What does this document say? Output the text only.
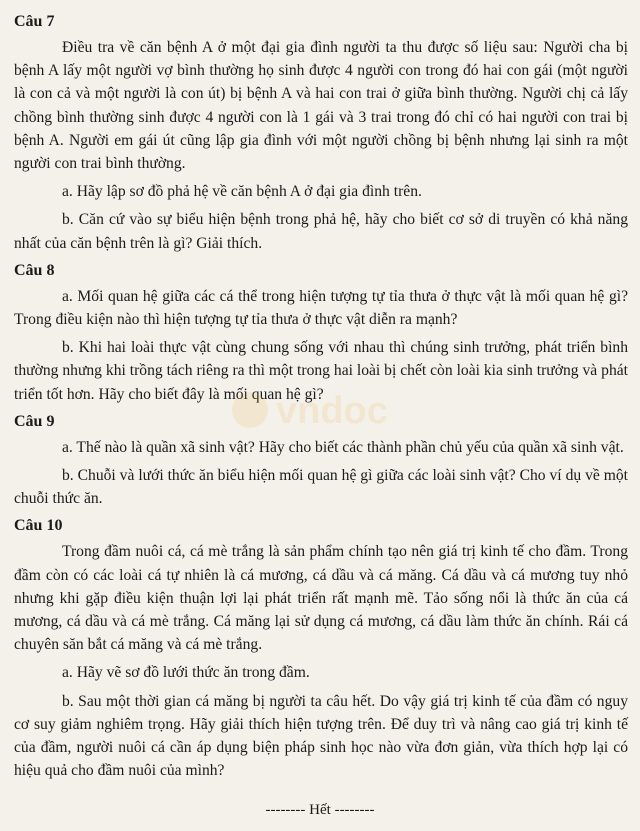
vndoc
Câu 7

Điều tra về căn bệnh A ở một đại gia đình người ta thu được số liệu sau: Người cha bị bệnh A lấy một người vợ bình thường họ sinh được 4 người con trong đó hai con gái (một người là con cả và một người là con út) bị bệnh A và hai con trai ở giữa bình thường. Người chị cả lấy chồng bình thường sinh được 4 người con là 1 gái và 3 trai trong đó chỉ có hai người con trai bị bệnh A. Người em gái út cũng lập gia đình với một người chồng bị bệnh nhưng lại sinh ra một người con trai bình thường.

a. Hãy lập sơ đồ phả hệ về căn bệnh A ở đại gia đình trên.

b. Căn cứ vào sự biểu hiện bệnh trong phả hệ, hãy cho biết cơ sở di truyền có khả năng nhất của căn bệnh trên là gì? Giải thích.

Câu 8

a. Mối quan hệ giữa các cá thể trong hiện tượng tự tỉa thưa ở thực vật là mối quan hệ gì? Trong điều kiện nào thì hiện tượng tự tỉa thưa ở thực vật diễn ra mạnh?

b. Khi hai loài thực vật cùng chung sống với nhau thì chúng sinh trưởng, phát triển bình thường nhưng khi trồng tách riêng ra thì một trong hai loài bị chết còn loài kia sinh trưởng và phát triển tốt hơn. Hãy cho biết đây là mối quan hệ gì?

Câu 9

a. Thế nào là quần xã sinh vật? Hãy cho biết các thành phần chủ yếu của quần xã sinh vật.

b. Chuỗi và lưới thức ăn biểu hiện mối quan hệ gì giữa các loài sinh vật? Cho ví dụ về một chuỗi thức ăn.

Câu 10

Trong đầm nuôi cá, cá mè trắng là sản phẩm chính tạo nên giá trị kinh tế cho đầm. Trong đầm còn có các loài cá tự nhiên là cá mương, cá dầu và cá măng. Cá dầu và cá mương tuy nhỏ nhưng khi gặp điều kiện thuận lợi lại phát triển rất mạnh mẽ. Tảo sống nổi là thức ăn của cá mương, cá dầu và cá mè trắng. Cá măng lại sử dụng cá mương, cá dầu làm thức ăn chính. Rái cá chuyên săn bắt cá măng và cá mè trắng.

a. Hãy vẽ sơ đồ lưới thức ăn trong đầm.

b. Sau một thời gian cá măng bị người ta câu hết. Do vậy giá trị kinh tế của đầm có nguy cơ suy giảm nghiêm trọng. Hãy giải thích hiện tượng trên. Để duy trì và nâng cao giá trị kinh tế của đầm, người nuôi cá cần áp dụng biện pháp sinh học nào vừa đơn giản, vừa thích hợp lại có hiệu quả cho đầm nuôi của mình?

-------- Hết --------
